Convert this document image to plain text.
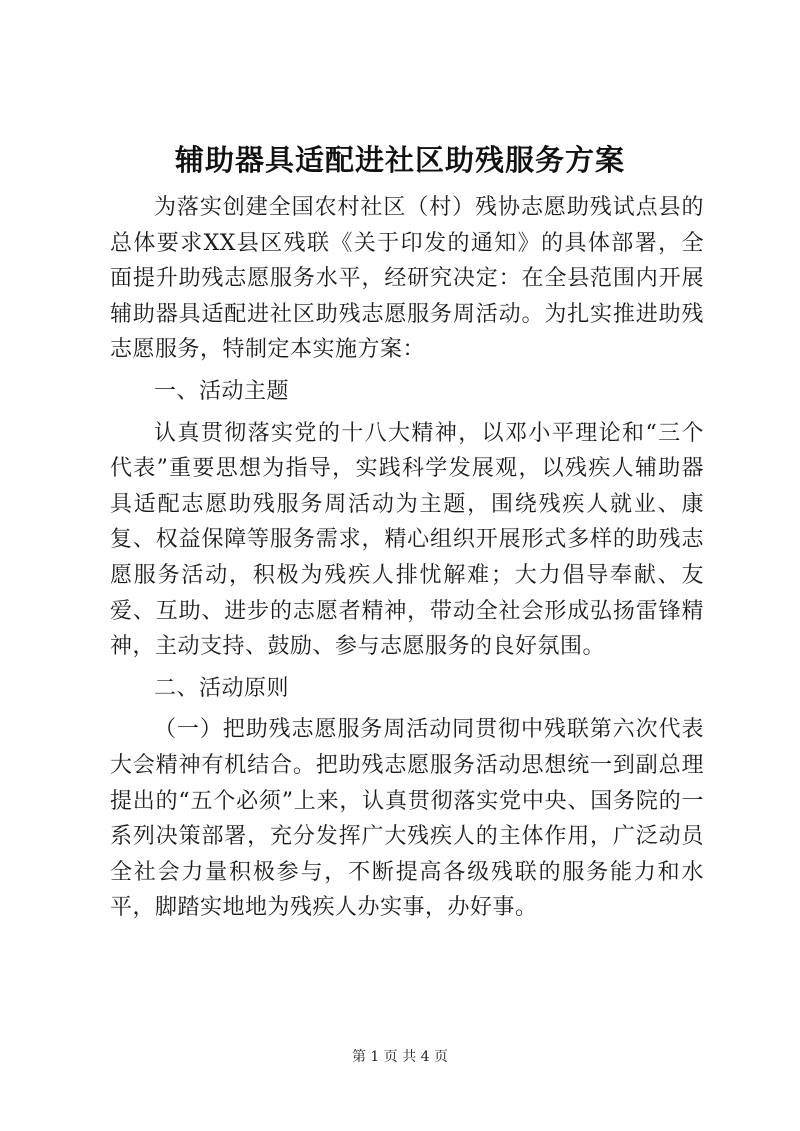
辅助器具适配进社区助残服务方案

为落实创建全国农村社区（村）残协志愿助残试点县的总体要求XX县区残联《关于印发的通知》的具体部署，全面提升助残志愿服务水平，经研究决定：在全县范围内开展辅助器具适配进社区助残志愿服务周活动。为扎实推进助残志愿服务，特制定本实施方案：

一、活动主题

认真贯彻落实党的十八大精神，以邓小平理论和“三个代表”重要思想为指导，实践科学发展观，以残疾人辅助器具适配志愿助残服务周活动为主题，围绕残疾人就业、康复、权益保障等服务需求，精心组织开展形式多样的助残志愿服务活动，积极为残疾人排忧解难；大力倡导奉献、友爱、互助、进步的志愿者精神，带动全社会形成弘扬雷锋精神，主动支持、鼓励、参与志愿服务的良好氛围。

二、活动原则

（一）把助残志愿服务周活动同贯彻中残联第六次代表大会精神有机结合。把助残志愿服务活动思想统一到副总理提出的“五个必须”上来，认真贯彻落实党中央、国务院的一系列决策部署，充分发挥广大残疾人的主体作用，广泛动员全社会力量积极参与，不断提高各级残联的服务能力和水平，脚踏实地地为残疾人办实事，办好事。

第 1 页 共 4 页
